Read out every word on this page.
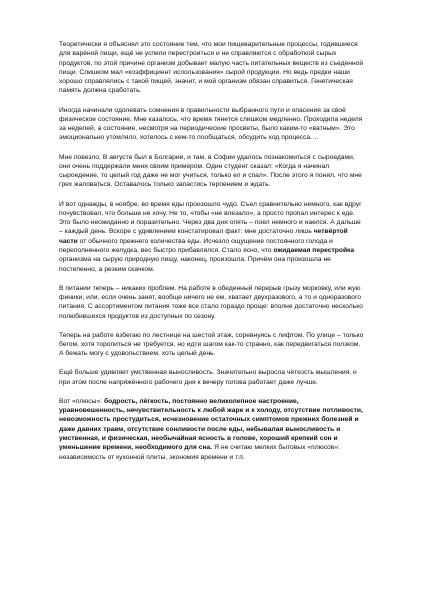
Теоретически я объяснял это состояние тем, что мои пищеварительные процессы, годившиеся для варёной пищи, ещё не успели перестроиться и не справляются с обработкой сырых продуктов, по этой причине организм добывает малую часть питательных веществ из съеденной пищи. Слишком мал «коэффициент использования» сырой продукции. Но ведь предки наши хорошо справлялись с такой пищей, значит, и мой организм обязан справиться. Генетическая память должна сработать.

Иногда начинали одолевать сомнения в правильности выбранного пути и опасения за своё физическое состояние. Мне казалось, что время тянется слишком медленно. Проходила неделя за неделей, а состояние, несмотря на периодические просветы, было каким-то «ватным». Это эмоционально утомляло, хотелось с кем-то пообщаться, обсудить ход процесса….

Мне повезло. В августе был в Болгарии, и там, в Софии удалось познакомиться с сыроедами, они очень поддержали меня своим примером. Один студент сказал: «Когда я начинал сыроедение, то целый год даже не мог учиться, только ел и спал». После этого я понял, что мне грех жаловаться. Оставалось только запастись терпением и ждать.

И вот однажды, в ноябре, во время еды произошло чудо. Съел сравнительно немного, как вдруг почувствовал, что больше не хочу. Не то, чтобы «не влезало», а просто пропал интерес к еде. Это было неожиданно и поразительно. Через два дня опять – поел немного и наелся. А дальше – каждый день. Вскоре с удивлением констатировал факт: мне достаточно лишь четвёртой части от обычного прежнего количества еды. Исчезло ощущение постоянного голода и переполненного желудка, вес быстро прибавлялся. Стало ясно, что ожидаемая перестройка организма на сырую природную пищу, наконец, произошла. Причём она произошла не постепенно, а резким скачком.

В питании теперь – никаких проблем. На работе в обеденный перерыв грызу морковку, или жую финики, или, если очень занят, вообще ничего не ем, хватает двухразового, а то и одноразового питания. С ассортиментом питания тоже все стало гораздо проще: вполне достаточно несколько полюбившихся продуктов из доступных по сезону.

Теперь на работе взбегаю по лестнице на шестой этаж, соревнуясь с лифтом. По улице – только бегом, хотя торопиться не требуется, но идти шагом как-то странно, как передвигаться ползком. А бежать могу с удовольствием, хоть целый день.

Ещё больше удивляет умственная выносливость. Значительно выросла чёткость мышления, и при этом после напряжённого рабочего дня к вечеру голова работает даже лучше.

Вот «плюсы»: бодрость, лёгкость, постоянно великолепное настроение, уравновешенность, нечувствительность к любой жаре и к холоду, отсутствие потливости, невозможность простудиться, исчезновение остаточных симптомов прежних болезней и даже давних травм, отсутствие сонливости после еды, небывалая выносливость и умственная, и физическая, необычайная ясность в голове, хороший крепкий сон и уменьшение времени, необходимого для сна. Я не считаю мелких бытовых «плюсов»: независимость от кухонной плиты, экономия времени и т.п.
